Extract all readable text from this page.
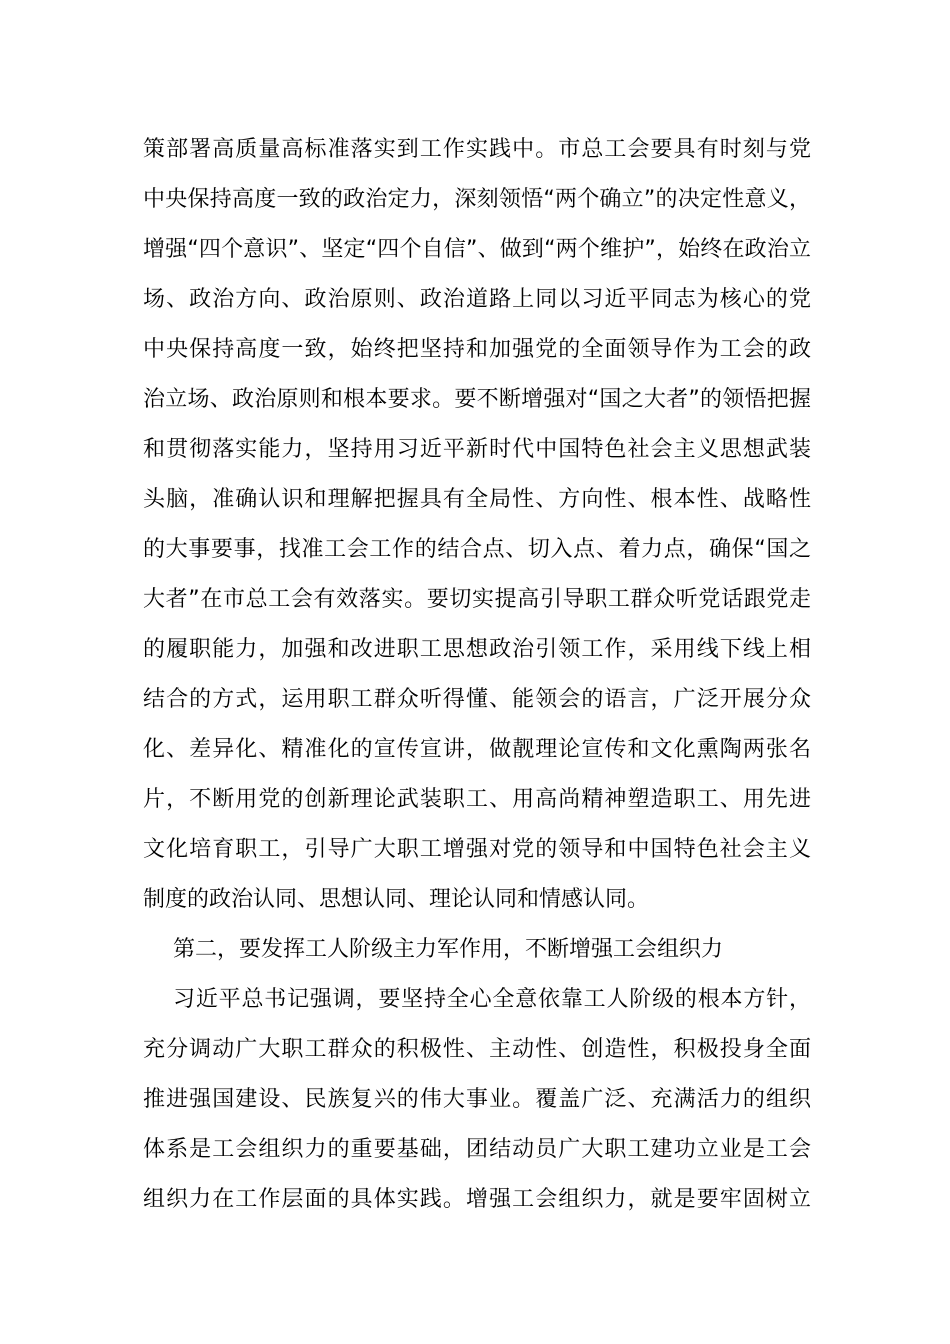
策部署高质量高标准落实到工作实践中。市总工会要具有时刻与党
中央保持高度一致的政治定力，深刻领悟“两个确立”的决定性意义，
增强“四个意识”、坚定“四个自信”、做到“两个维护”，始终在政治立
场、政治方向、政治原则、政治道路上同以习近平同志为核心的党
中央保持高度一致，始终把坚持和加强党的全面领导作为工会的政
治立场、政治原则和根本要求。要不断增强对“国之大者”的领悟把握
和贯彻落实能力，坚持用习近平新时代中国特色社会主义思想武装
头脑，准确认识和理解把握具有全局性、方向性、根本性、战略性
的大事要事，找准工会工作的结合点、切入点、着力点，确保“国之
大者”在市总工会有效落实。要切实提高引导职工群众听党话跟党走
的履职能力，加强和改进职工思想政治引领工作，采用线下线上相
结合的方式，运用职工群众听得懂、能领会的语言，广泛开展分众
化、差异化、精准化的宣传宣讲，做靓理论宣传和文化熏陶两张名
片，不断用党的创新理论武装职工、用高尚精神塑造职工、用先进
文化培育职工，引导广大职工增强对党的领导和中国特色社会主义
制度的政治认同、思想认同、理论认同和情感认同。
第二，要发挥工人阶级主力军作用，不断增强工会组织力
习近平总书记强调，要坚持全心全意依靠工人阶级的根本方针，
充分调动广大职工群众的积极性、主动性、创造性，积极投身全面
推进强国建设、民族复兴的伟大事业。覆盖广泛、充满活力的组织
体系是工会组织力的重要基础，团结动员广大职工建功立业是工会
组织力在工作层面的具体实践。增强工会组织力，就是要牢固树立
